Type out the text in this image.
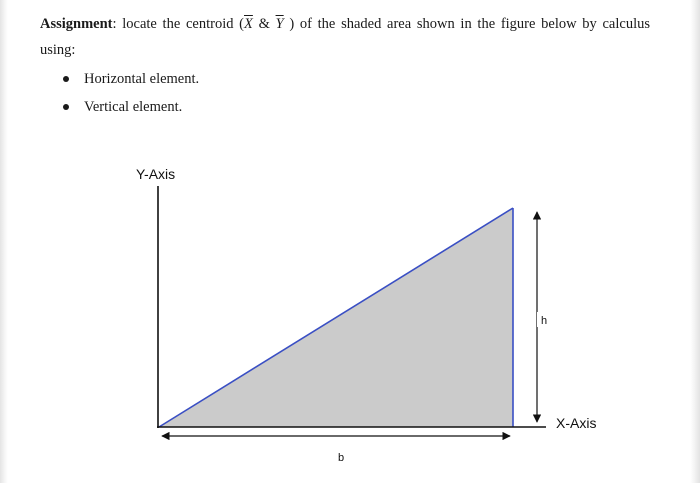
Assignment: locate the centroid ($\overline{X}$ & $\overline{Y}$ ) of the shaded area shown in the figure below by calculus using:

Horizontal element.
Vertical element.
Y-Axis
X-Axis
h
b
